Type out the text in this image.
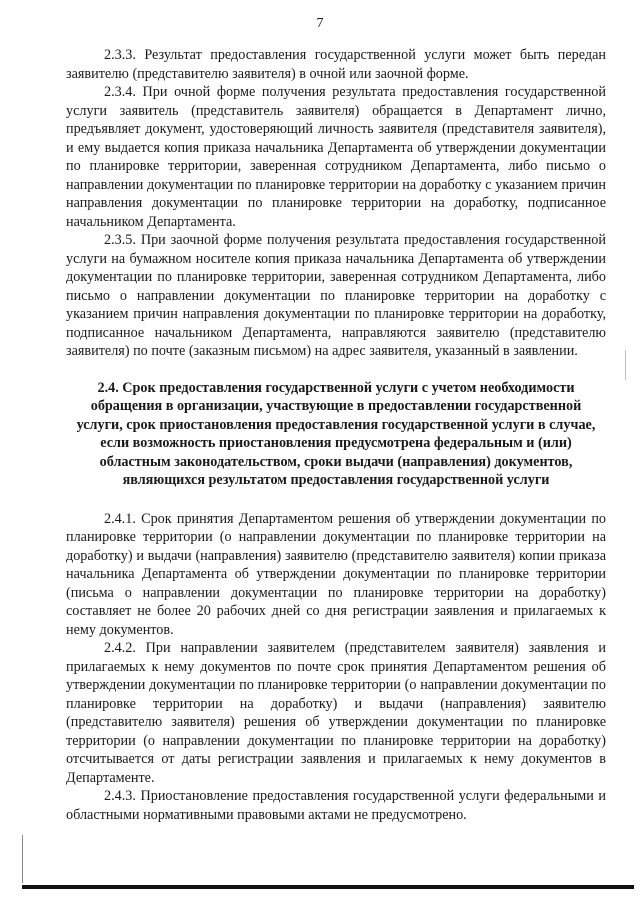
7

2.3.3. Результат предоставления государственной услуги может быть передан заявителю (представителю заявителя) в очной или заочной форме.

2.3.4. При очной форме получения результата предоставления государственной услуги заявитель (представитель заявителя) обращается в Департамент лично, предъявляет документ, удостоверяющий личность заявителя (представителя заявителя), и ему выдается копия приказа начальника Департамента об утверждении документации по планировке территории, заверенная сотрудником Департамента, либо письмо о направлении документации по планировке территории на доработку с указанием причин направления документации по планировке территории на доработку, подписанное начальником Департамента.

2.3.5. При заочной форме получения результата предоставления государственной услуги на бумажном носителе копия приказа начальника Департамента об утверждении документации по планировке территории, заверенная сотрудником Департамента, либо письмо о направлении документации по планировке территории на доработку с указанием причин направления документации по планировке территории на доработку, подписанное начальником Департамента, направляются заявителю (представителю заявителя) по почте (заказным письмом) на адрес заявителя, указанный в заявлении.

2.4. Срок предоставления государственной услуги с учетом необходимости обращения в организации, участвующие в предоставлении государственной услуги, срок приостановления предоставления государственной услуги в случае, если возможность приостановления предусмотрена федеральным и (или) областным законодательством, сроки выдачи (направления) документов, являющихся результатом предоставления государственной услуги

2.4.1. Срок принятия Департаментом решения об утверждении документации по планировке территории (о направлении документации по планировке территории на доработку) и выдачи (направления) заявителю (представителю заявителя) копии приказа начальника Департамента об утверждении документации по планировке территории (письма о направлении документации по планировке территории на доработку) составляет не более 20 рабочих дней со дня регистрации заявления и прилагаемых к нему документов.

2.4.2. При направлении заявителем (представителем заявителя) заявления и прилагаемых к нему документов по почте срок принятия Департаментом решения об утверждении документации по планировке территории (о направлении документации по планировке территории на доработку) и выдачи (направления) заявителю (представителю заявителя) решения об утверждении документации по планировке территории (о направлении документации по планировке территории на доработку) отсчитывается от даты регистрации заявления и прилагаемых к нему документов в Департаменте.

2.4.3. Приостановление предоставления государственной услуги федеральными и областными нормативными правовыми актами не предусмотрено.
